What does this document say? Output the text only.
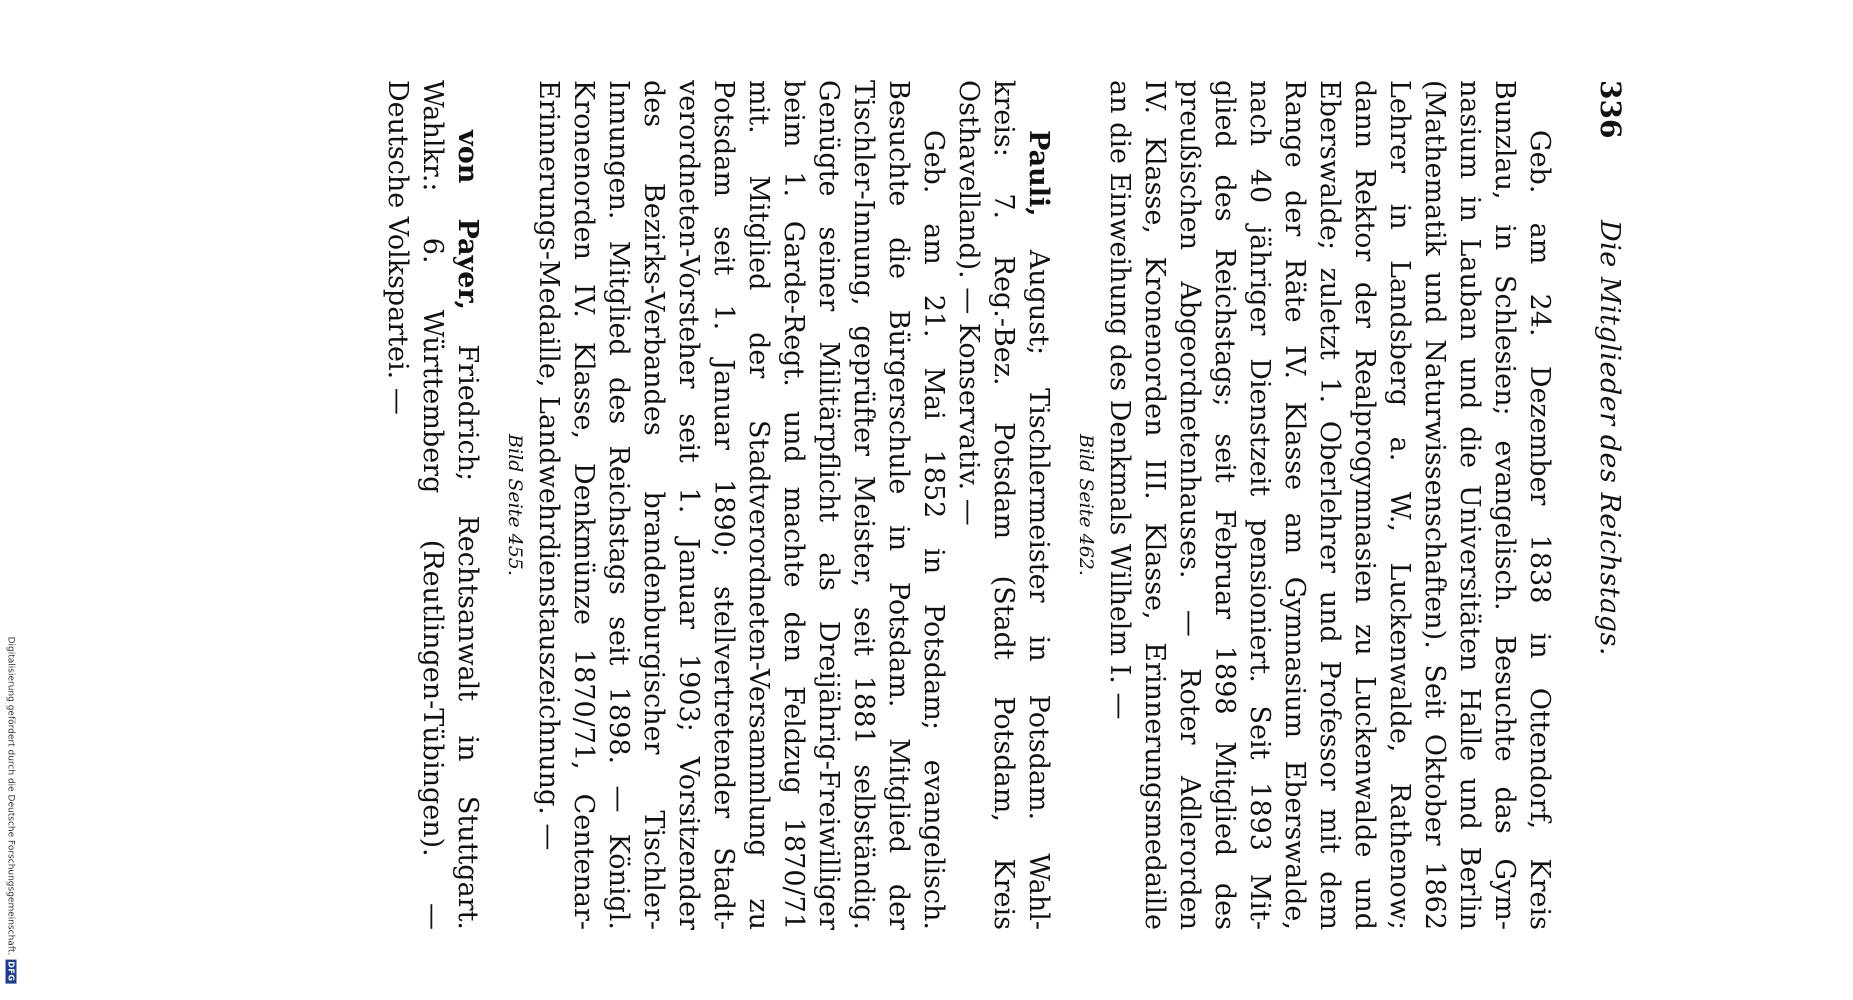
Digitalisierung gefördert durch die Deutsche Forschungsgemeinschaft.
DFG
336
Die Mitglieder des Reichstags.
Geb. am 24. Dezember 1838 in Ottendorf, Kreis
Bunzlau, in Schlesien; evangelisch. Besuchte das Gym-
nasium in Lauban und die Universitäten Halle und Berlin
(Mathematik und Naturwissenschaften). Seit Oktober 1862
Lehrer in Landsberg a. W., Luckenwalde, Rathenow;
dann Rektor der Realprogymnasien zu Luckenwalde und
Eberswalde; zuletzt 1. Oberlehrer und Professor mit dem
Range der Räte IV. Klasse am Gymnasium Eberswalde,
nach 40 jähriger Dienstzeit pensioniert. Seit 1893 Mit-
glied des Reichstags; seit Februar 1898 Mitglied des
preußischen Abgeordnetenhauses. — Roter Adlerorden
IV. Klasse, Kronenorden III. Klasse, Erinnerungsmedaille
an die Einweihung des Denkmals Wilhelm I. —
Bild Seite 462.
Pauli, August; Tischlermeister in Potsdam. Wahl-
kreis: 7. Reg.-Bez. Potsdam (Stadt Potsdam, Kreis
Osthavelland). — Konservativ. —
Geb. am 21. Mai 1852 in Potsdam; evangelisch.
Besuchte die Bürgerschule in Potsdam. Mitglied der
Tischler-Innung, geprüfter Meister, seit 1881 selbständig.
Genügte seiner Militärpflicht als Dreijährig-Freiwilliger
beim 1. Garde-Regt. und machte den Feldzug 1870/71
mit. Mitglied der Stadtverordneten-Versammlung zu
Potsdam seit 1. Januar 1890; stellvertretender Stadt-
verordneten-Vorsteher seit 1. Januar 1903; Vorsitzender
des Bezirks-Verbandes brandenburgischer Tischler-
Innungen. Mitglied des Reichstags seit 1898. — Königl.
Kronenorden IV. Klasse, Denkmünze 1870/71, Centenar-
Erinnerungs-Medaille, Landwehrdienstauszeichnung. —
Bild Seite 455.
von Payer, Friedrich; Rechtsanwalt in Stuttgart.
Wahlkr.: 6. Württemberg (Reutlingen-Tübingen). —
Deutsche Volkspartei. —
